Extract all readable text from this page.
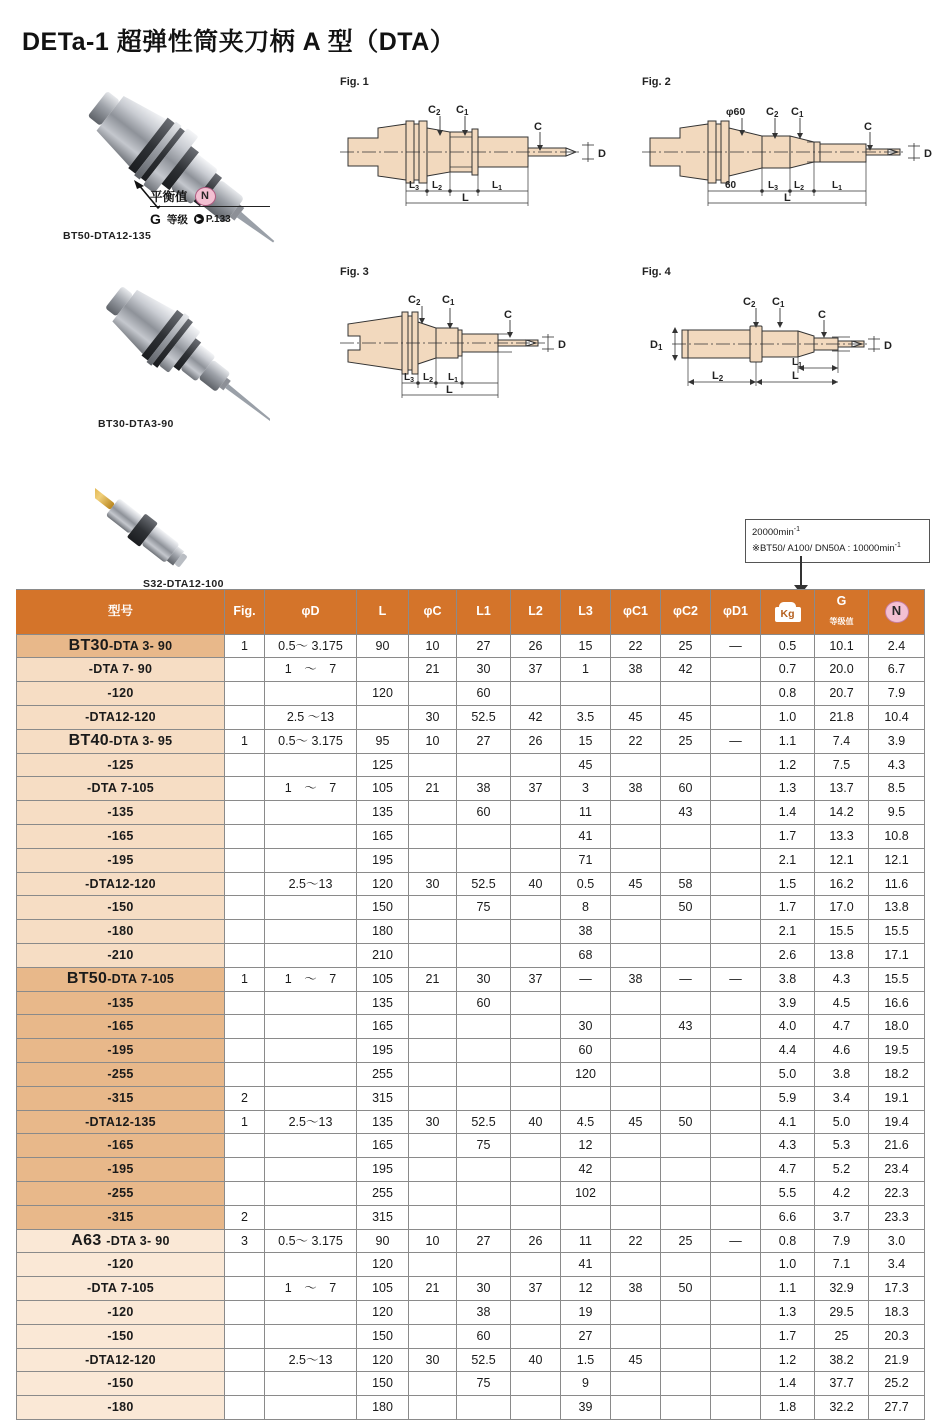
DETa-1 超弹性筒夹刀柄 A 型（DTA）
BT50-DTA12-135
平衡值	N
G 等级	▶ P.133
BT30-DTA3-90
S32-DTA12-100
Fig. 1
C2 C1
C
D
$L_3$ $L_2$	$L_1$
L
Fig. 2
φ60 C2 C1
C
D
60	$L_3$ $L_2$	$L_1$
L
Fig. 3
C2 C1
C
D
$L_3$ $L_2$ $L_1$
L
Fig. 4
D1
C2 C1
C
D
L2
$L_1$
L
$20000\min^{-1}$
※BT50/ A100/ DN50A : $10000\min^{-1}$
型号	Fig.	φD	L	φC	L1	L2	L3	φC1	φC2	φD1	Kg	G
等级值	N
BT30-DTA 3- 90	1	0.5～ 3.175	90	10	27	26	15	22	25	—	0.5	10.1	2.4
-DTA 7- 90		1　～　7		21	30	37	1	38	42		0.7	20.0	6.7
-120			120		60						0.8	20.7	7.9
-DTA12-120		2.5 ～13		30	52.5	42	3.5	45	45		1.0	21.8	10.4
BT40-DTA 3- 95	1	0.5～ 3.175	95	10	27	26	15	22	25	—	1.1	7.4	3.9
-125			125				45				1.2	7.5	4.3
-DTA 7-105		1　～　7	105	21	38	37	3	38	60		1.3	13.7	8.5
-135			135		60		11		43		1.4	14.2	9.5
-165			165				41				1.7	13.3	10.8
-195			195				71				2.1	12.1	12.1
-DTA12-120		2.5～13	120	30	52.5	40	0.5	45	58		1.5	16.2	11.6
-150			150		75		8		50		1.7	17.0	13.8
-180			180				38				2.1	15.5	15.5
-210			210				68				2.6	13.8	17.1
BT50-DTA 7-105	1	1　～　7	105	21	30	37	—	38	—	—	3.8	4.3	15.5
-135			135		60						3.9	4.5	16.6
-165			165				30		43		4.0	4.7	18.0
-195			195				60				4.4	4.6	19.5
-255			255				120				5.0	3.8	18.2
-315	2		315								5.9	3.4	19.1
-DTA12-135	1	2.5～13	135	30	52.5	40	4.5	45	50		4.1	5.0	19.4
-165			165		75		12				4.3	5.3	21.6
-195			195				42				4.7	5.2	23.4
-255			255				102				5.5	4.2	22.3
-315	2		315								6.6	3.7	23.3
A63 -DTA 3- 90	3	0.5～ 3.175	90	10	27	26	11	22	25	—	0.8	7.9	3.0
-120			120				41				1.0	7.1	3.4
-DTA 7-105		1　～　7	105	21	30	37	12	38	50		1.1	32.9	17.3
-120			120		38		19				1.3	29.5	18.3
-150			150		60		27				1.7	25	20.3
-DTA12-120		2.5～13	120	30	52.5	40	1.5	45			1.2	38.2	21.9
-150			150		75		9				1.4	37.7	25.2
-180			180				39				1.8	32.2	27.7
